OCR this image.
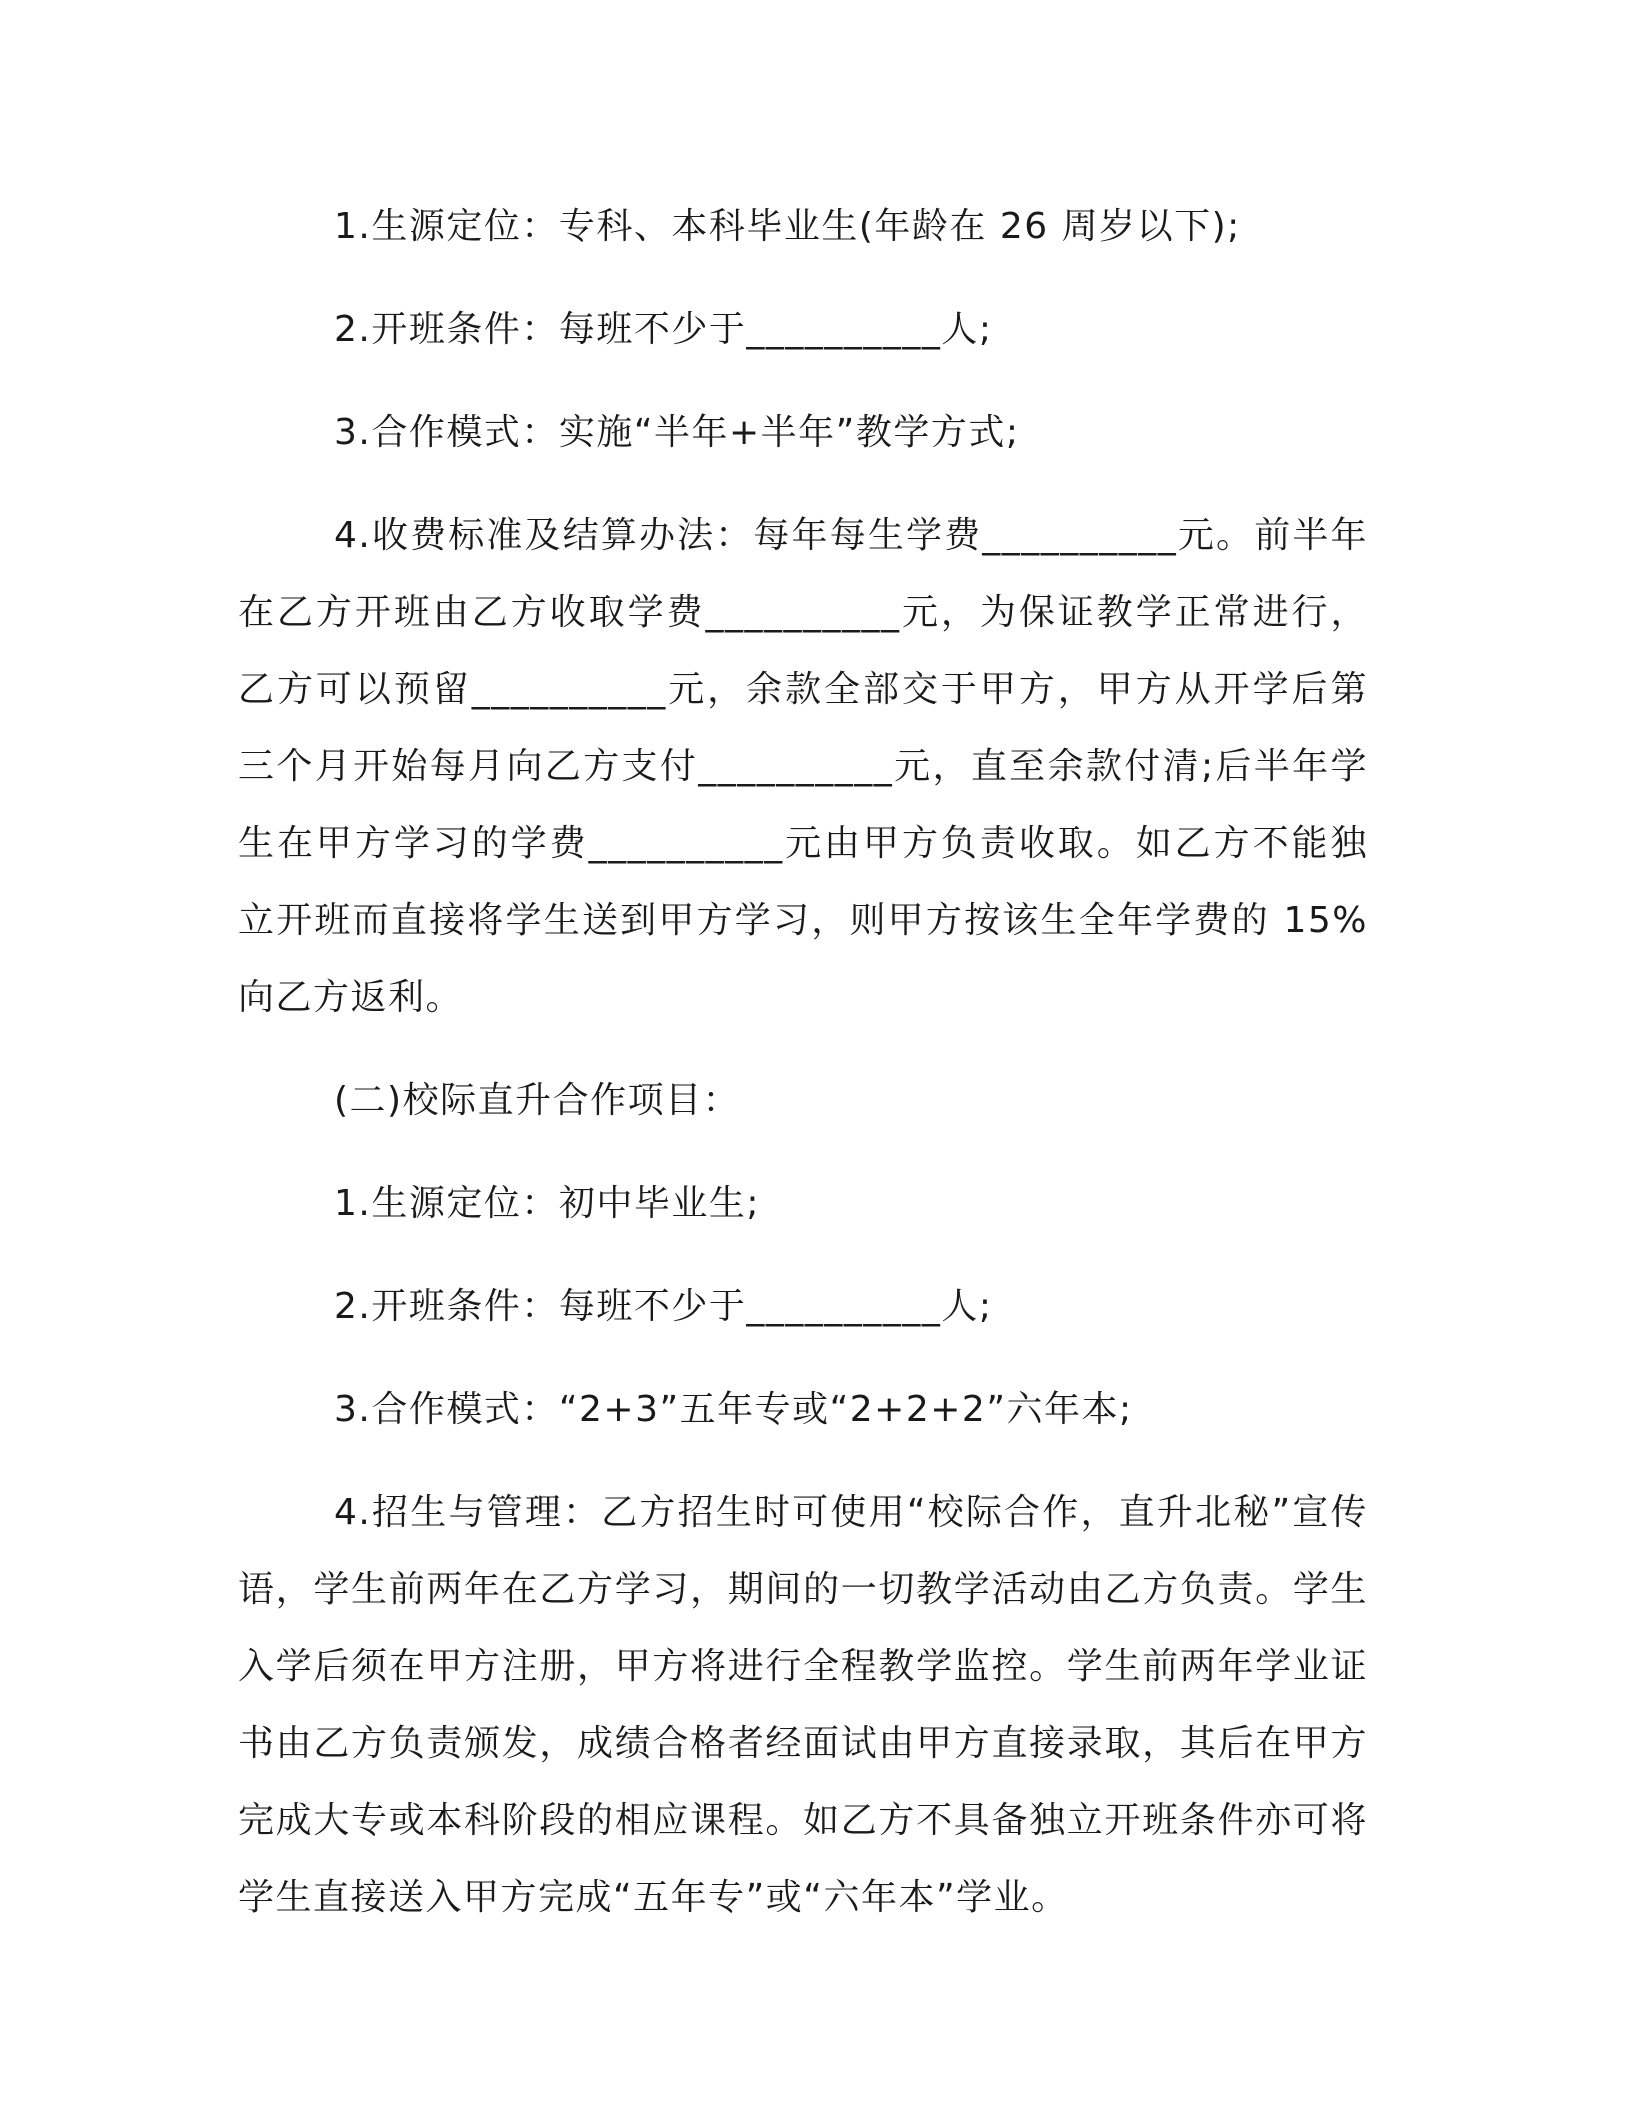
1.生源定位：专科、本科毕业生(年龄在 26 周岁以下);

2.开班条件：每班不少于__________人;

3.合作模式：实施“半年+半年”教学方式;

4.收费标准及结算办法：每年每生学费__________元。前半年在乙方开班由乙方收取学费__________元，为保证教学正常进行，乙方可以预留__________元，余款全部交于甲方，甲方从开学后第三个月开始每月向乙方支付__________元，直至余款付清;后半年学生在甲方学习的学费__________元由甲方负责收取。如乙方不能独立开班而直接将学生送到甲方学习，则甲方按该生全年学费的 15%向乙方返利。

(二)校际直升合作项目：

1.生源定位：初中毕业生;

2.开班条件：每班不少于__________人;

3.合作模式：“2+3”五年专或“2+2+2”六年本;

4.招生与管理：乙方招生时可使用“校际合作，直升北秘”宣传语，学生前两年在乙方学习，期间的一切教学活动由乙方负责。学生入学后须在甲方注册，甲方将进行全程教学监控。学生前两年学业证书由乙方负责颁发，成绩合格者经面试由甲方直接录取，其后在甲方完成大专或本科阶段的相应课程。如乙方不具备独立开班条件亦可将学生直接送入甲方完成“五年专”或“六年本”学业。
